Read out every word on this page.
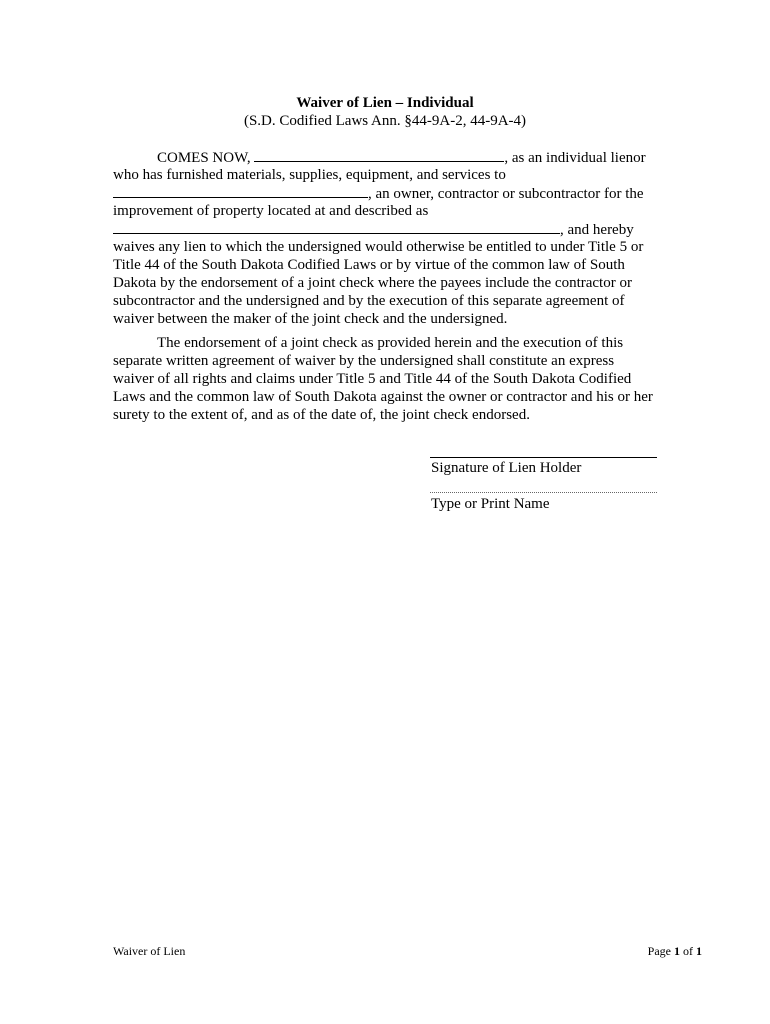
Waiver of Lien – Individual
(S.D. Codified Laws Ann. §44-9A-2, 44-9A-4)
COMES NOW,	, as an individual lienor
who has furnished materials, supplies, equipment, and services to
, an owner, contractor or subcontractor for the
improvement of property located at and described as
, and hereby
waives any lien to which the undersigned would otherwise be entitled to under Title 5 or
Title 44 of the South Dakota Codified Laws or by virtue of the common law of South
Dakota by the endorsement of a joint check where the payees include the contractor or
subcontractor and the undersigned and by the execution of this separate agreement of
waiver between the maker of the joint check and the undersigned.
The endorsement of a joint check as provided herein and the execution of this
separate written agreement of waiver by the undersigned shall constitute an express
waiver of all rights and claims under Title 5 and Title 44 of the South Dakota Codified
Laws and the common law of South Dakota against the owner or contractor and his or her
surety to the extent of, and as of the date of, the joint check endorsed.
Signature of Lien Holder
Type or Print Name
Waiver of Lien	Page 1 of 1
